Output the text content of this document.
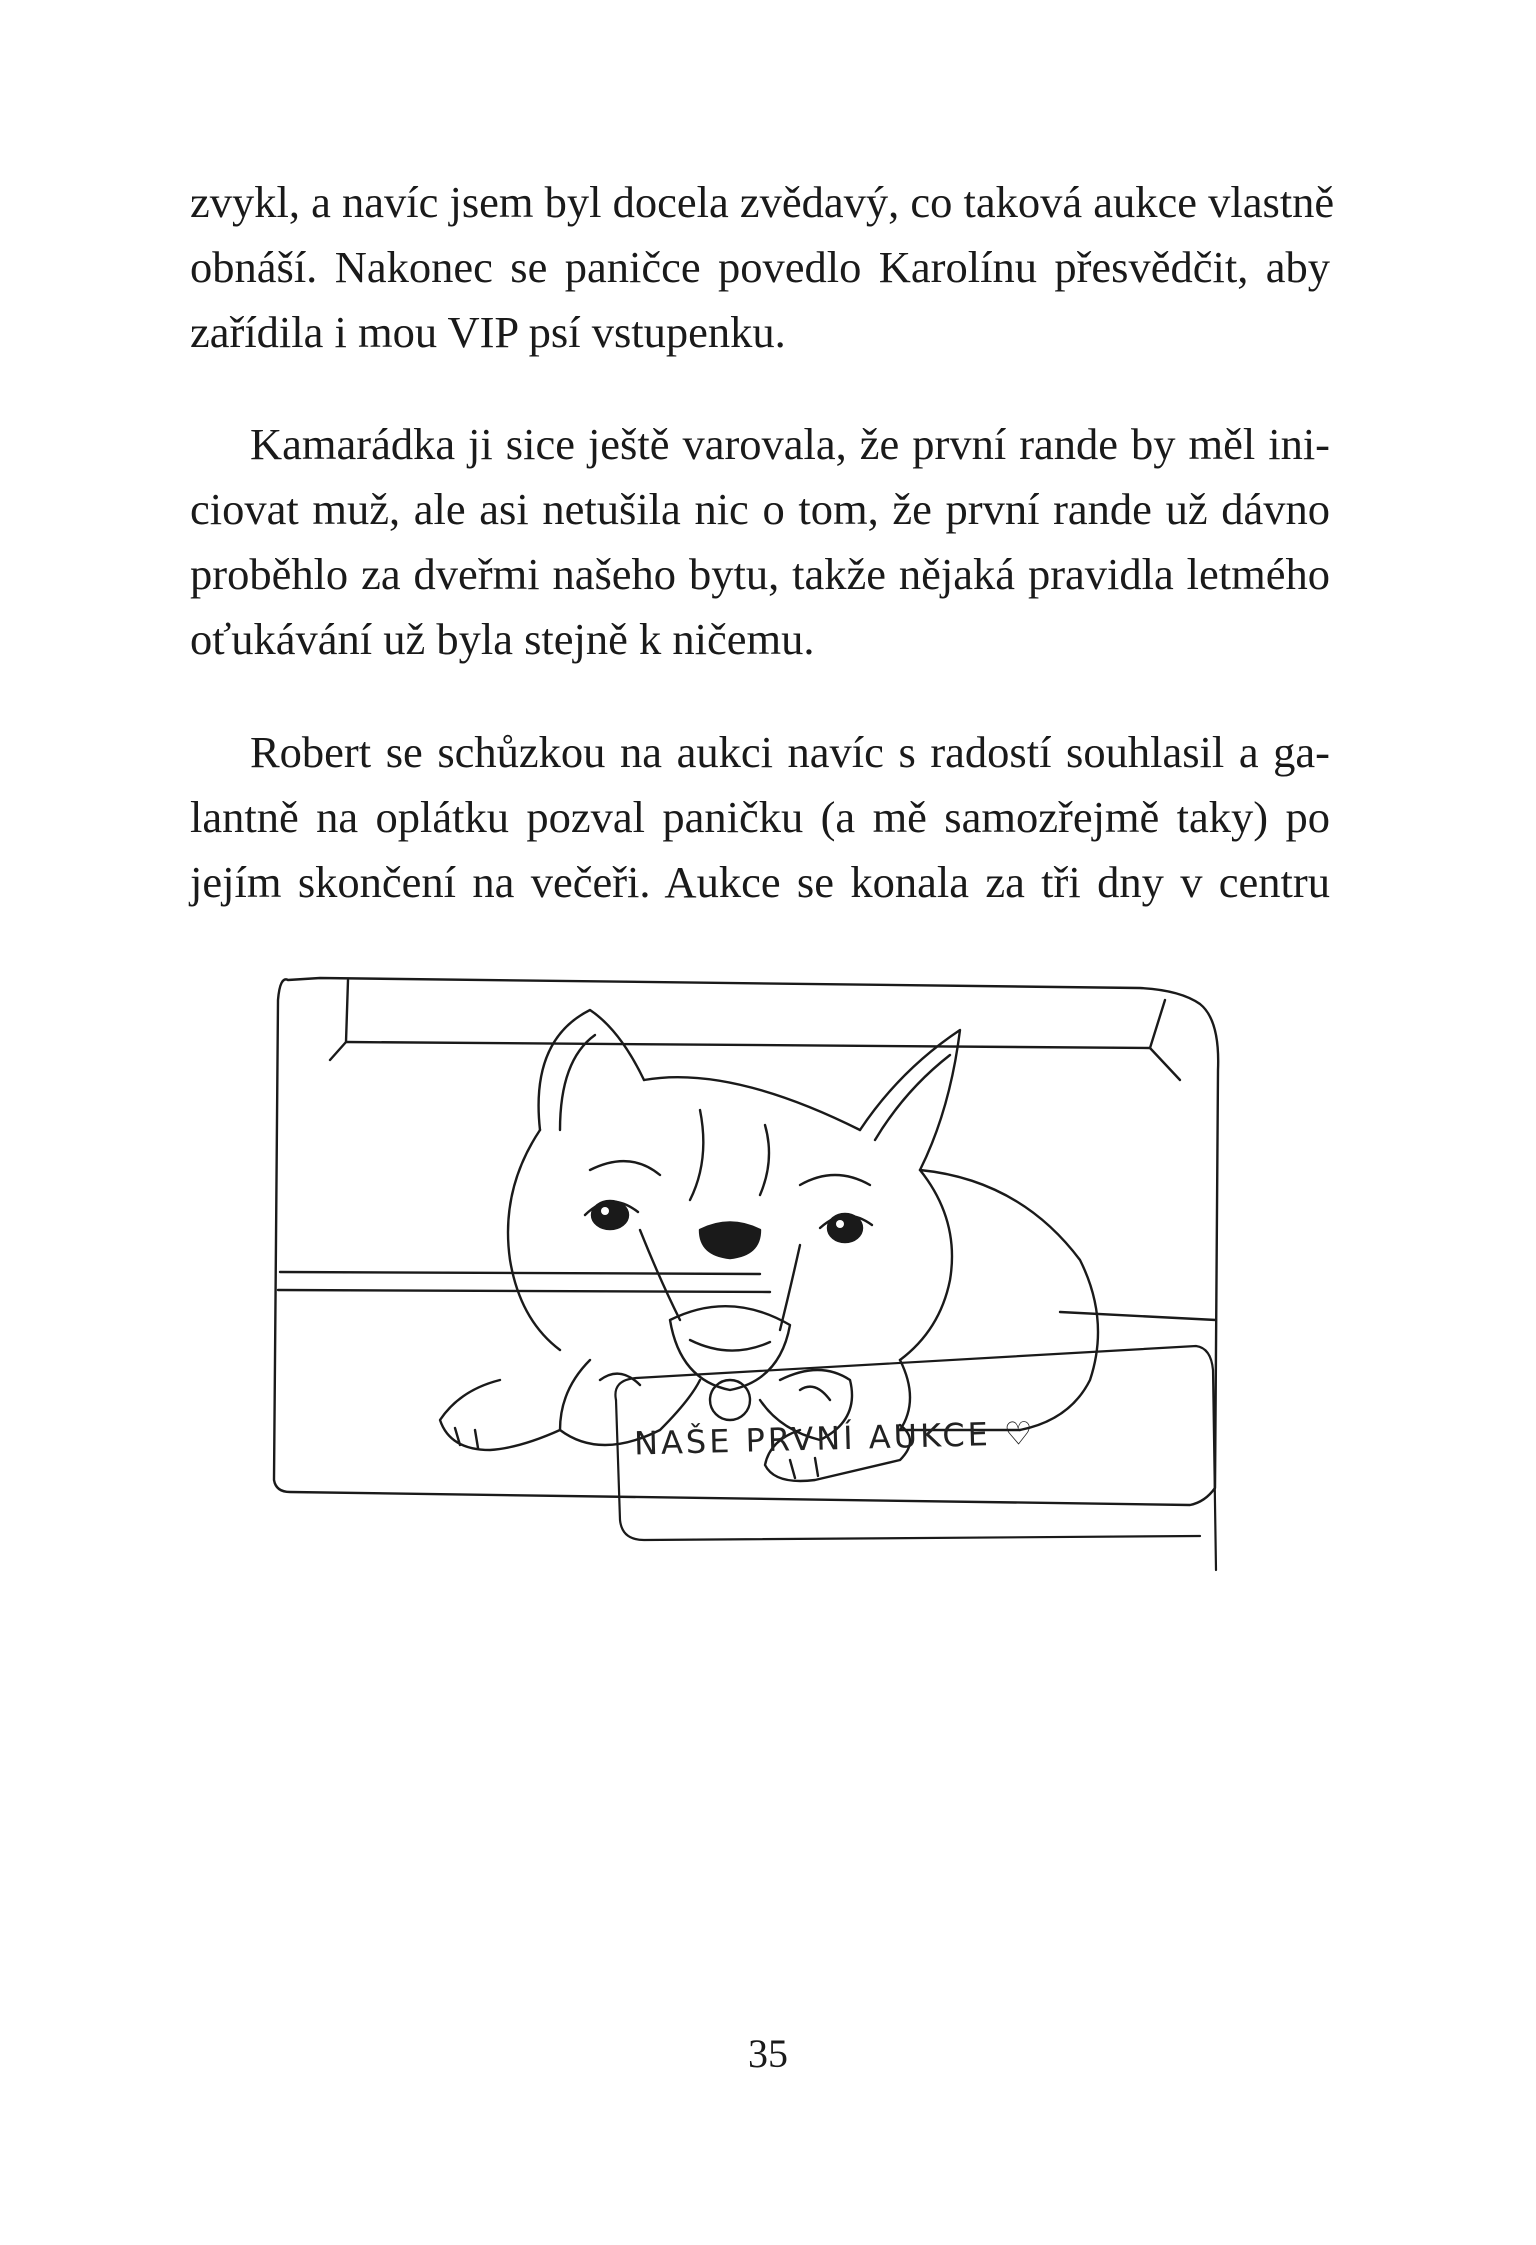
zvykl, a navíc jsem byl docela zvědavý, co taková aukce vlastně
obnáší. Nakonec se paničce povedlo Karolínu přesvědčit, aby
zařídila i mou VIP psí vstupenku.
Kamarádka ji sice ještě varovala, že první rande by měl ini-
ciovat muž, ale asi netušila nic o tom, že první rande už dávno
proběhlo za dveřmi našeho bytu, takže nějaká pravidla letmého
oťukávání už byla stejně k ničemu.
Robert se schůzkou na aukci navíc s radostí souhlasil a ga-
lantně na oplátku pozval paničku (a mě samozřejmě taky) po
jejím skončení na večeři. Aukce se konala za tři dny v centru
NAŠE PRVNÍ AUKCE ♡
35
